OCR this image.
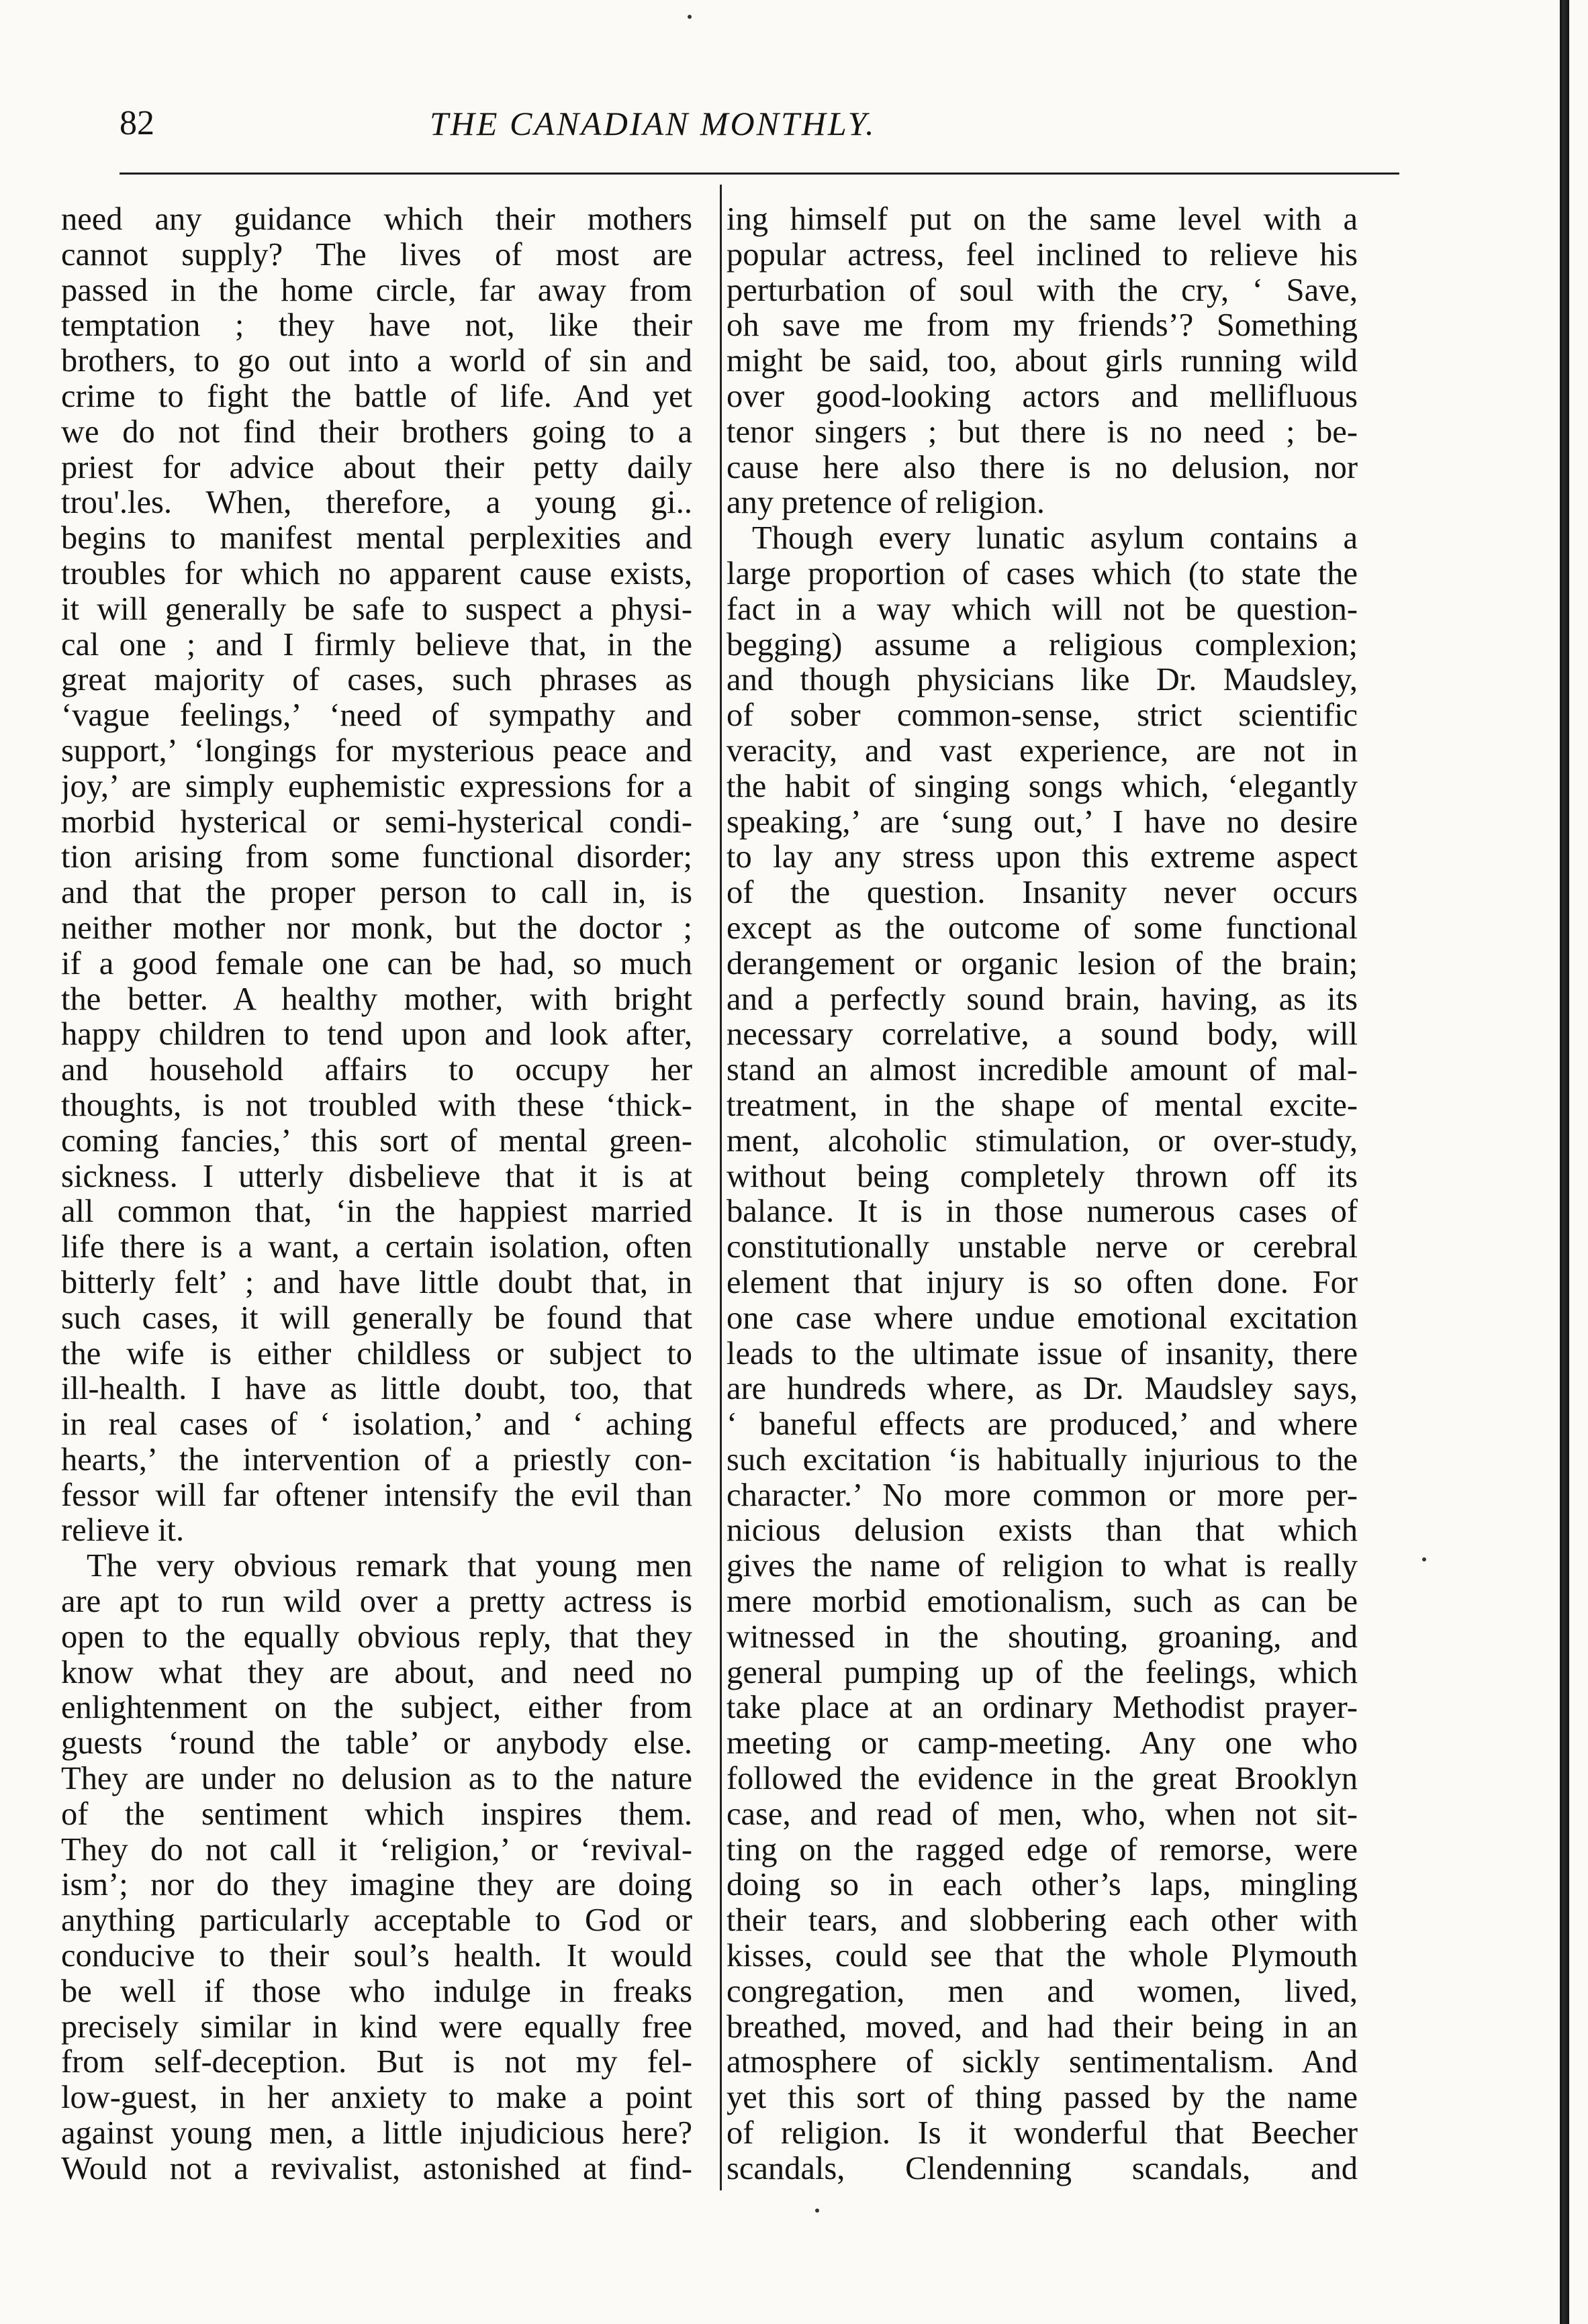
82	THE CANADIAN MONTHLY.
need any guidance which their mothers
cannot supply? The lives of most are
passed in the home circle, far away from
temptation ; they have not, like their
brothers, to go out into a world of sin and
crime to fight the battle of life. And yet
we do not find their brothers going to a
priest for advice about their petty daily
trou'.les. When, therefore, a young gi..
begins to manifest mental perplexities and
troubles for which no apparent cause exists,
it will generally be safe to suspect a physi-
cal one ; and I firmly believe that, in the
great majority of cases, such phrases as
‘vague feelings,’ ‘need of sympathy and
support,’ ‘longings for mysterious peace and
joy,’ are simply euphemistic expressions for a
morbid hysterical or semi-hysterical condi-
tion arising from some functional disorder;
and that the proper person to call in, is
neither mother nor monk, but the doctor ;
if a good female one can be had, so much
the better. A healthy mother, with bright
happy children to tend upon and look after,
and household affairs to occupy her
thoughts, is not troubled with these ‘thick-
coming fancies,’ this sort of mental green-
sickness. I utterly disbelieve that it is at
all common that, ‘in the happiest married
life there is a want, a certain isolation, often
bitterly felt’ ; and have little doubt that, in
such cases, it will generally be found that
the wife is either childless or subject to
ill-health. I have as little doubt, too, that
in real cases of ‘ isolation,’ and ‘ aching
hearts,’ the intervention of a priestly con-
fessor will far oftener intensify the evil than
relieve it.
The very obvious remark that young men
are apt to run wild over a pretty actress is
open to the equally obvious reply, that they
know what they are about, and need no
enlightenment on the subject, either from
guests ‘round the table’ or anybody else.
They are under no delusion as to the nature
of the sentiment which inspires them.
They do not call it ‘religion,’ or ‘revival-
ism’; nor do they imagine they are doing
anything particularly acceptable to God or
conducive to their soul’s health. It would
be well if those who indulge in freaks
precisely similar in kind were equally free
from self-deception. But is not my fel-
low-guest, in her anxiety to make a point
against young men, a little injudicious here?
Would not a revivalist, astonished at find-
ing himself put on the same level with a
popular actress, feel inclined to relieve his
perturbation of soul with the cry, ‘ Save,
oh save me from my friends’? Something
might be said, too, about girls running wild
over good-looking actors and mellifluous
tenor singers ; but there is no need ; be-
cause here also there is no delusion, nor
any pretence of religion.
Though every lunatic asylum contains a
large proportion of cases which (to state the
fact in a way which will not be question-
begging) assume a religious complexion;
and though physicians like Dr. Maudsley,
of sober common-sense, strict scientific
veracity, and vast experience, are not in
the habit of singing songs which, ‘elegantly
speaking,’ are ‘sung out,’ I have no desire
to lay any stress upon this extreme aspect
of the question. Insanity never occurs
except as the outcome of some functional
derangement or organic lesion of the brain;
and a perfectly sound brain, having, as its
necessary correlative, a sound body, will
stand an almost incredible amount of mal-
treatment, in the shape of mental excite-
ment, alcoholic stimulation, or over-study,
without being completely thrown off its
balance. It is in those numerous cases of
constitutionally unstable nerve or cerebral
element that injury is so often done. For
one case where undue emotional excitation
leads to the ultimate issue of insanity, there
are hundreds where, as Dr. Maudsley says,
‘ baneful effects are produced,’ and where
such excitation ‘is habitually injurious to the
character.’ No more common or more per-
nicious delusion exists than that which
gives the name of religion to what is really
mere morbid emotionalism, such as can be
witnessed in the shouting, groaning, and
general pumping up of the feelings, which
take place at an ordinary Methodist prayer-
meeting or camp-meeting. Any one who
followed the evidence in the great Brooklyn
case, and read of men, who, when not sit-
ting on the ragged edge of remorse, were
doing so in each other’s laps, mingling
their tears, and slobbering each other with
kisses, could see that the whole Plymouth
congregation, men and women, lived,
breathed, moved, and had their being in an
atmosphere of sickly sentimentalism. And
yet this sort of thing passed by the name
of religion. Is it wonderful that Beecher
scandals, Clendenning scandals, and
